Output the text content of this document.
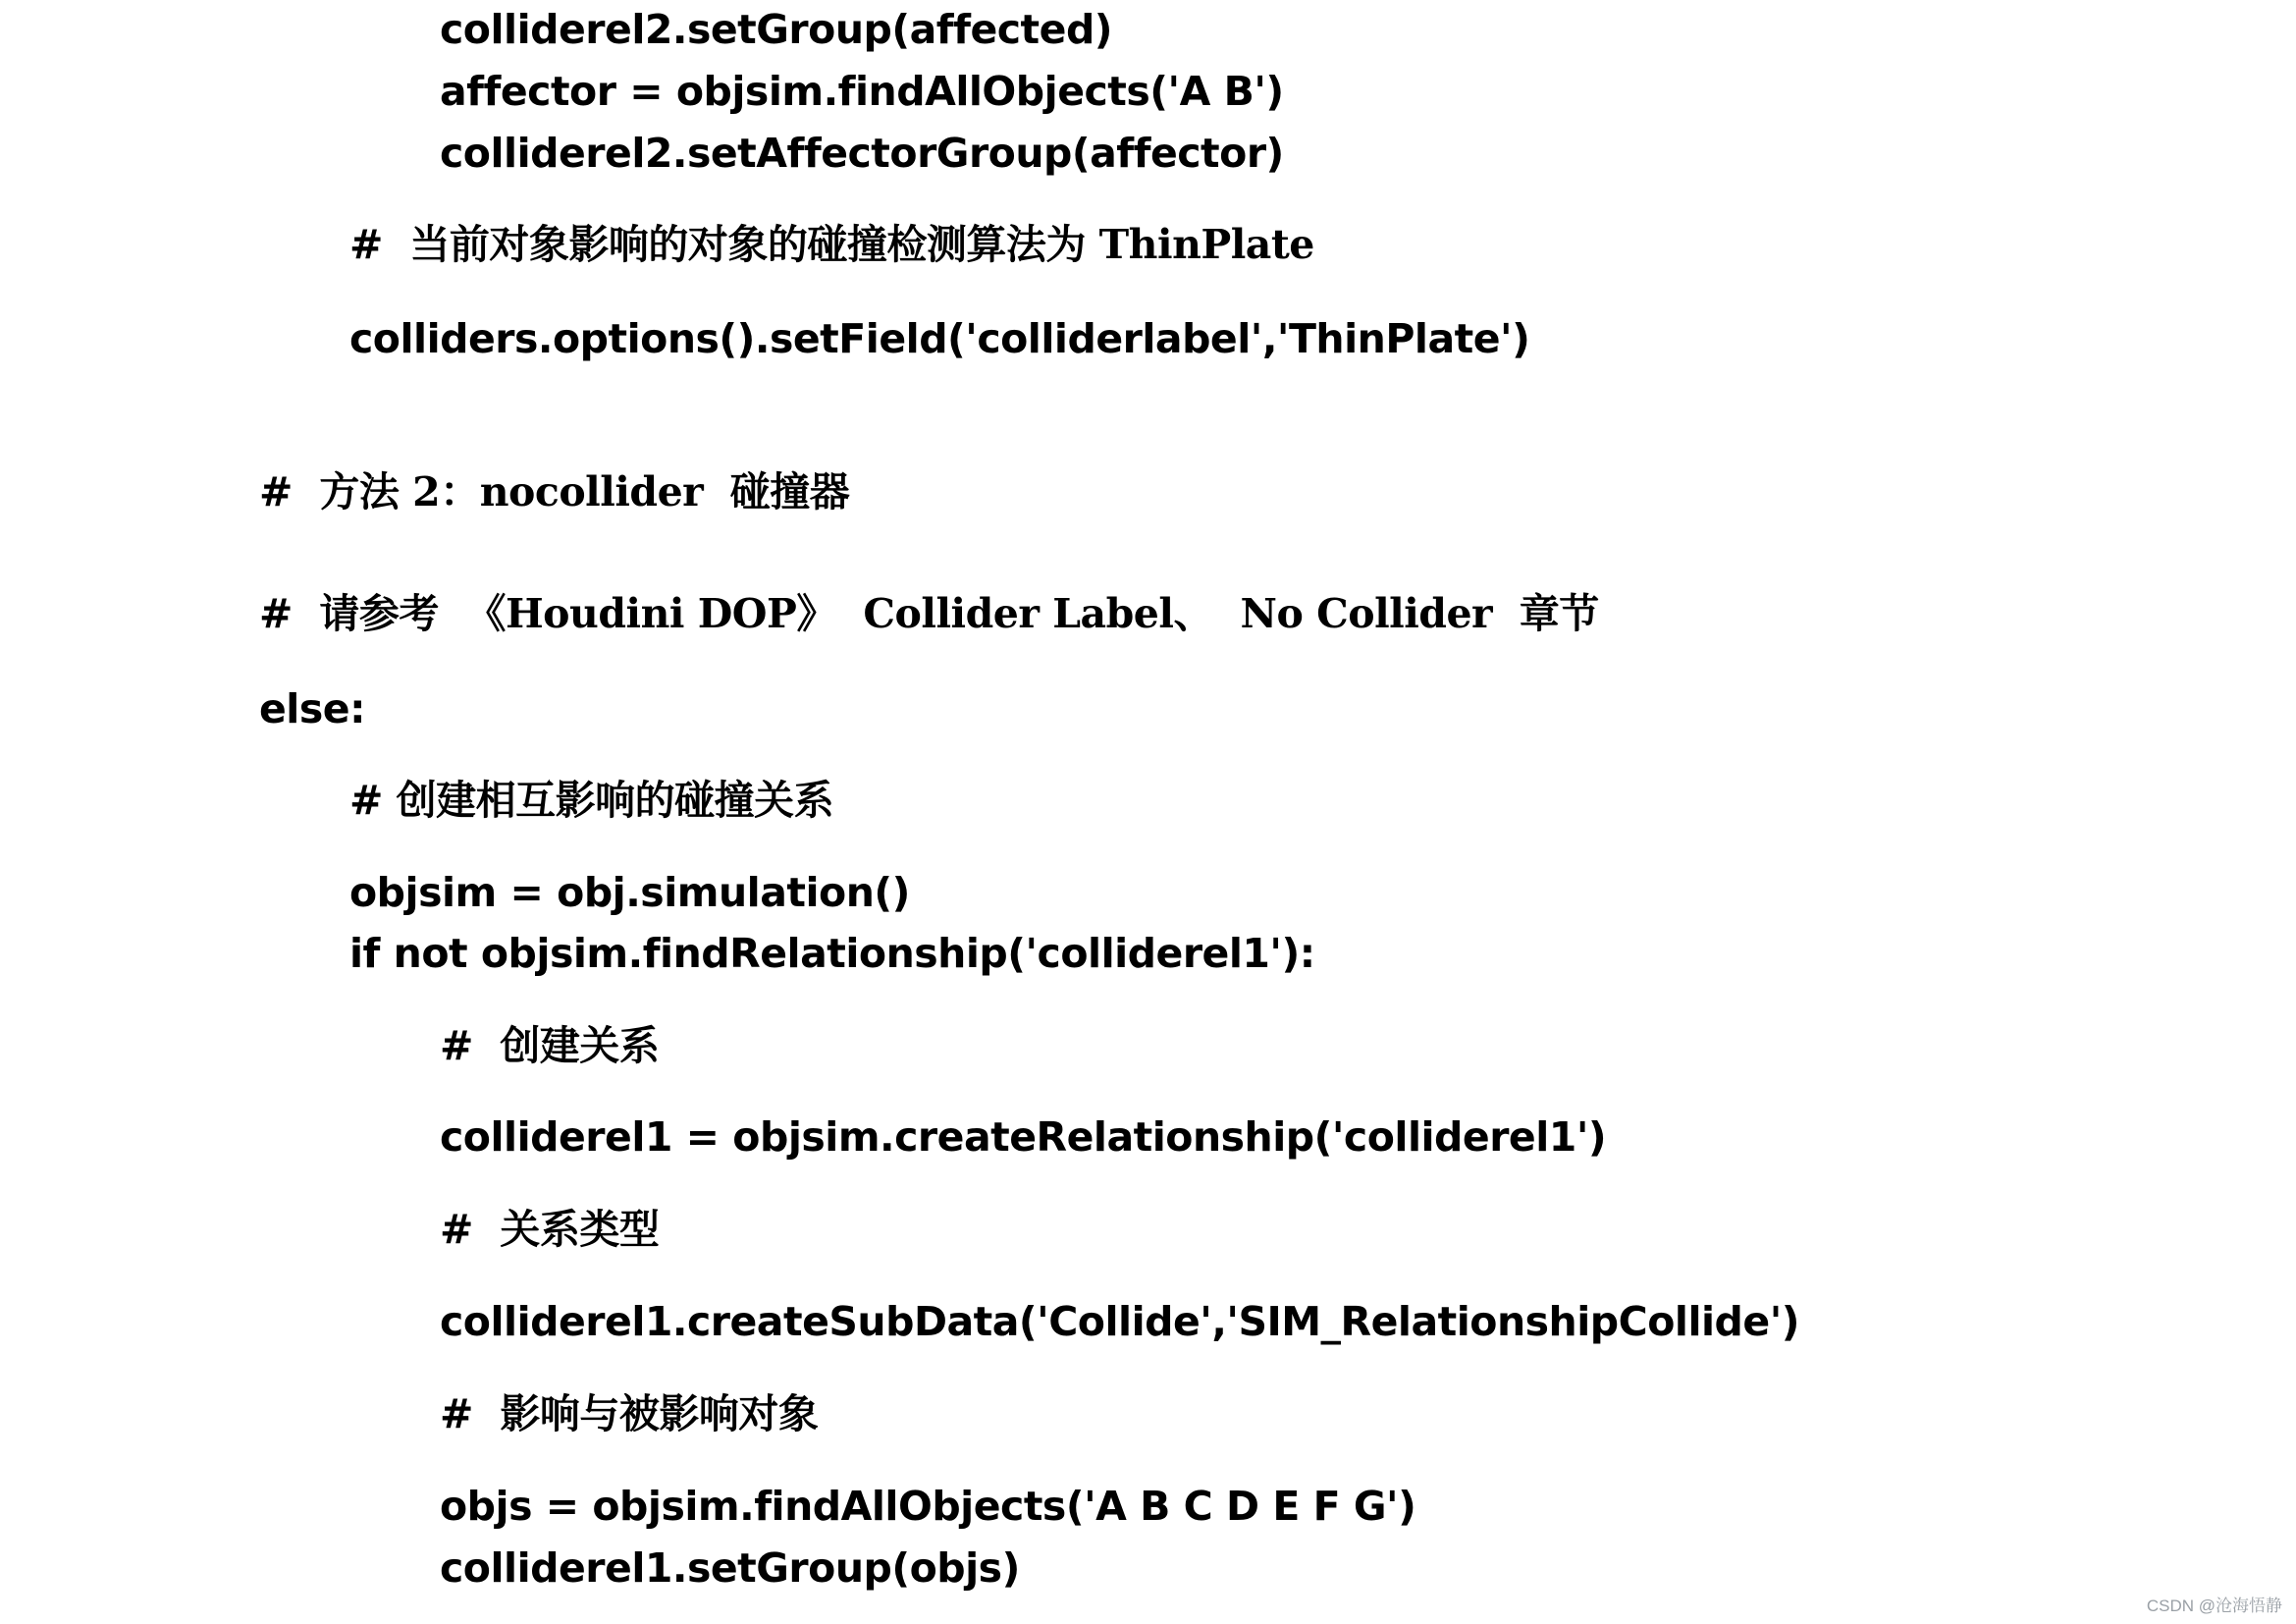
colliderel2.setGroup(affected)
affector = objsim.findAllObjects('A B')
colliderel2.setAffectorGroup(affector)
#  当前对象影响的对象的碰撞检测算法为 ThinPlate
colliders.options().setField('colliderlabel','ThinPlate')
#  方法 2：nocollider  碰撞器
#  请参考  《Houdini DOP》  Collider Label、  No Collider  章节
else:
# 创建相互影响的碰撞关系
objsim = obj.simulation()
if not objsim.findRelationship('colliderel1'):
#  创建关系
colliderel1 = objsim.createRelationship('colliderel1')
#  关系类型
colliderel1.createSubData('Collide','SIM_RelationshipCollide')
#  影响与被影响对象
objs = objsim.findAllObjects('A B C D E F G')
colliderel1.setGroup(objs)
CSDN @沧海悟静
